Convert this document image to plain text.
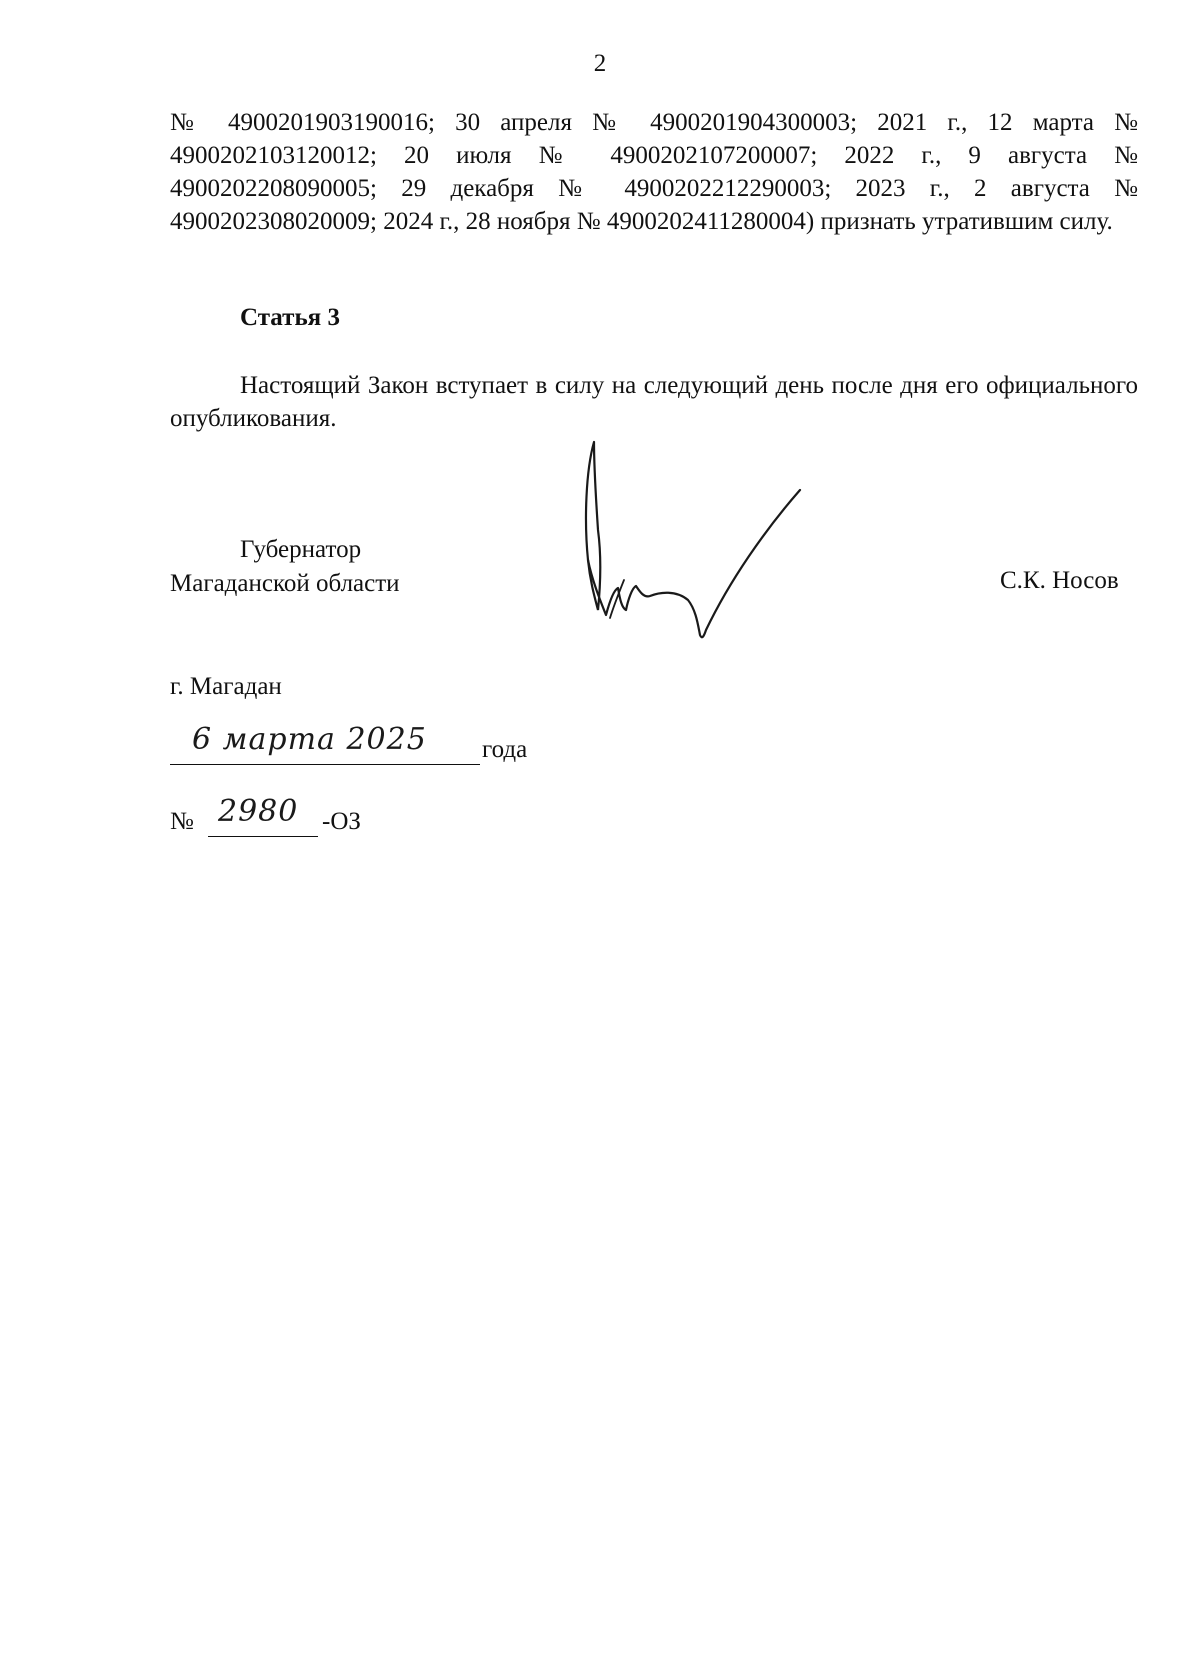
2

№ 4900201903190016; 30 апреля № 4900201904300003; 2021 г., 12 марта № 4900202103120012; 20 июля № 4900202107200007; 2022 г., 9 августа № 4900202208090005; 29 декабря № 4900202212290003; 2023 г., 2 августа № 4900202308020009; 2024 г., 28 ноября № 4900202411280004) признать утратившим силу.

Статья 3

Настоящий Закон вступает в силу на следующий день после дня его официального опубликования.

Губернатор
Магаданской области	С.К. Носов
г. Магадан
6 марта 2025 года
№ 2980 -ОЗ
